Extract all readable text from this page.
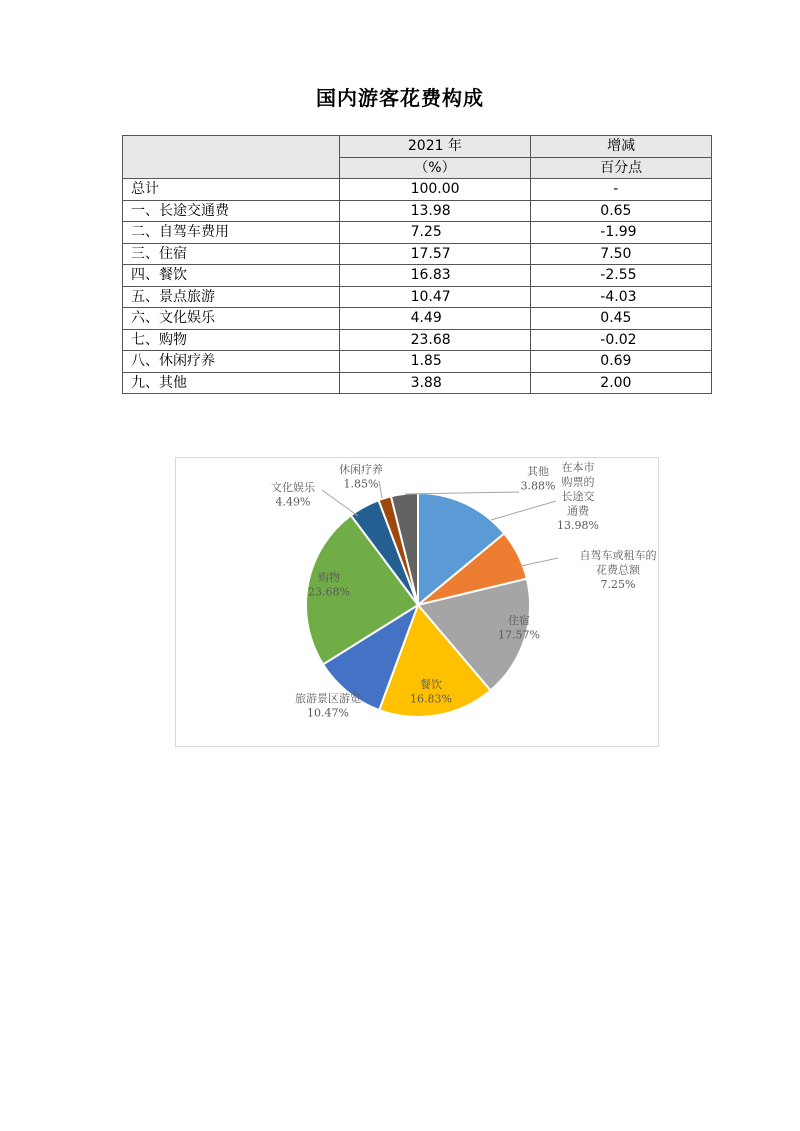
国内游客花费构成
	2021 年	增减
	（%）	百分点
总计	100.00	-
一、长途交通费	13.98	0.65
二、自驾车费用	7.25	-1.99
三、住宿	17.57	7.50
四、餐饮	16.83	-2.55
五、景点旅游	10.47	-4.03
六、文化娱乐	4.49	0.45
七、购物	23.68	-0.02
八、休闲疗养	1.85	0.69
九、其他	3.88	2.00
在本市
购票的
长途交
通费
13.98%
自驾车或租车的
花费总额
7.25%
住宿
17.57%
餐饮
16.83%
旅游景区游览
10.47%
购物
23.68%
文化娱乐
4.49%
休闲疗养
1.85%
其他
3.88%
